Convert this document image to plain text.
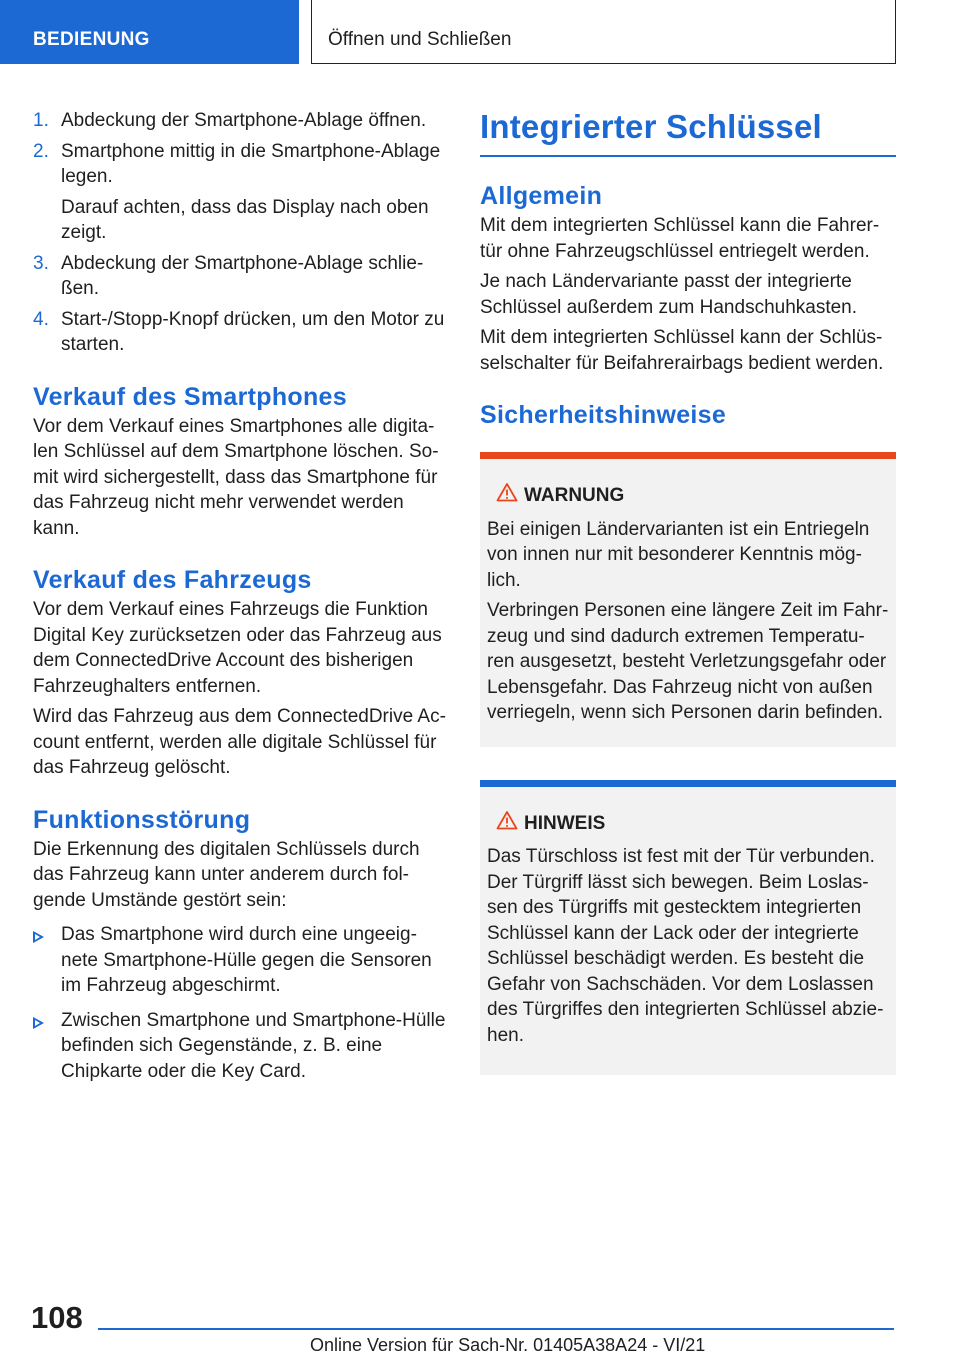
BEDIENUNG	Öffnen und Schließen
1. Abdeckung der Smartphone-Ablage öffnen.
2. Smartphone mittig in die Smartphone-Ablage legen.
Darauf achten, dass das Display nach oben zeigt.
3. Abdeckung der Smartphone-Ablage schlie-ßen.
4. Start-/Stopp-Knopf drücken, um den Motor zu starten.
Verkauf des Smartphones
Vor dem Verkauf eines Smartphones alle digita-len Schlüssel auf dem Smartphone löschen. So-mit wird sichergestellt, dass das Smartphone für das Fahrzeug nicht mehr verwendet werden kann.
Verkauf des Fahrzeugs
Vor dem Verkauf eines Fahrzeugs die Funktion Digital Key zurücksetzen oder das Fahrzeug aus dem ConnectedDrive Account des bisherigen Fahrzeughalters entfernen.
Wird das Fahrzeug aus dem ConnectedDrive Ac-count entfernt, werden alle digitale Schlüssel für das Fahrzeug gelöscht.
Funktionsstörung
Die Erkennung des digitalen Schlüssels durch das Fahrzeug kann unter anderem durch fol-gende Umstände gestört sein:
Das Smartphone wird durch eine ungeeig-nete Smartphone-Hülle gegen die Sensoren im Fahrzeug abgeschirmt.
Zwischen Smartphone und Smartphone-Hülle befinden sich Gegenstände, z. B. eine Chipkarte oder die Key Card.
Integrierter Schlüssel
Allgemein
Mit dem integrierten Schlüssel kann die Fahrer-tür ohne Fahrzeugschlüssel entriegelt werden.
Je nach Ländervariante passt der integrierte Schlüssel außerdem zum Handschuhkasten.
Mit dem integrierten Schlüssel kann der Schlüs-selschalter für Beifahrerairbags bedient werden.
Sicherheitshinweise
WARNUNG
Bei einigen Ländervarianten ist ein Entriegeln von innen nur mit besonderer Kenntnis mög-lich.
Verbringen Personen eine längere Zeit im Fahr-zeug und sind dadurch extremen Temperatu-ren ausgesetzt, besteht Verletzungsgefahr oder Lebensgefahr. Das Fahrzeug nicht von außen verriegeln, wenn sich Personen darin befinden.
HINWEIS
Das Türschloss ist fest mit der Tür verbunden. Der Türgriff lässt sich bewegen. Beim Loslas-sen des Türgriffs mit gestecktem integrierten Schlüssel kann der Lack oder der integrierte Schlüssel beschädigt werden. Es besteht die Gefahr von Sachschäden. Vor dem Loslassen des Türgriffes den integrierten Schlüssel abzie-hen.
108
Online Version für Sach-Nr. 01405A38A24 - VI/21
